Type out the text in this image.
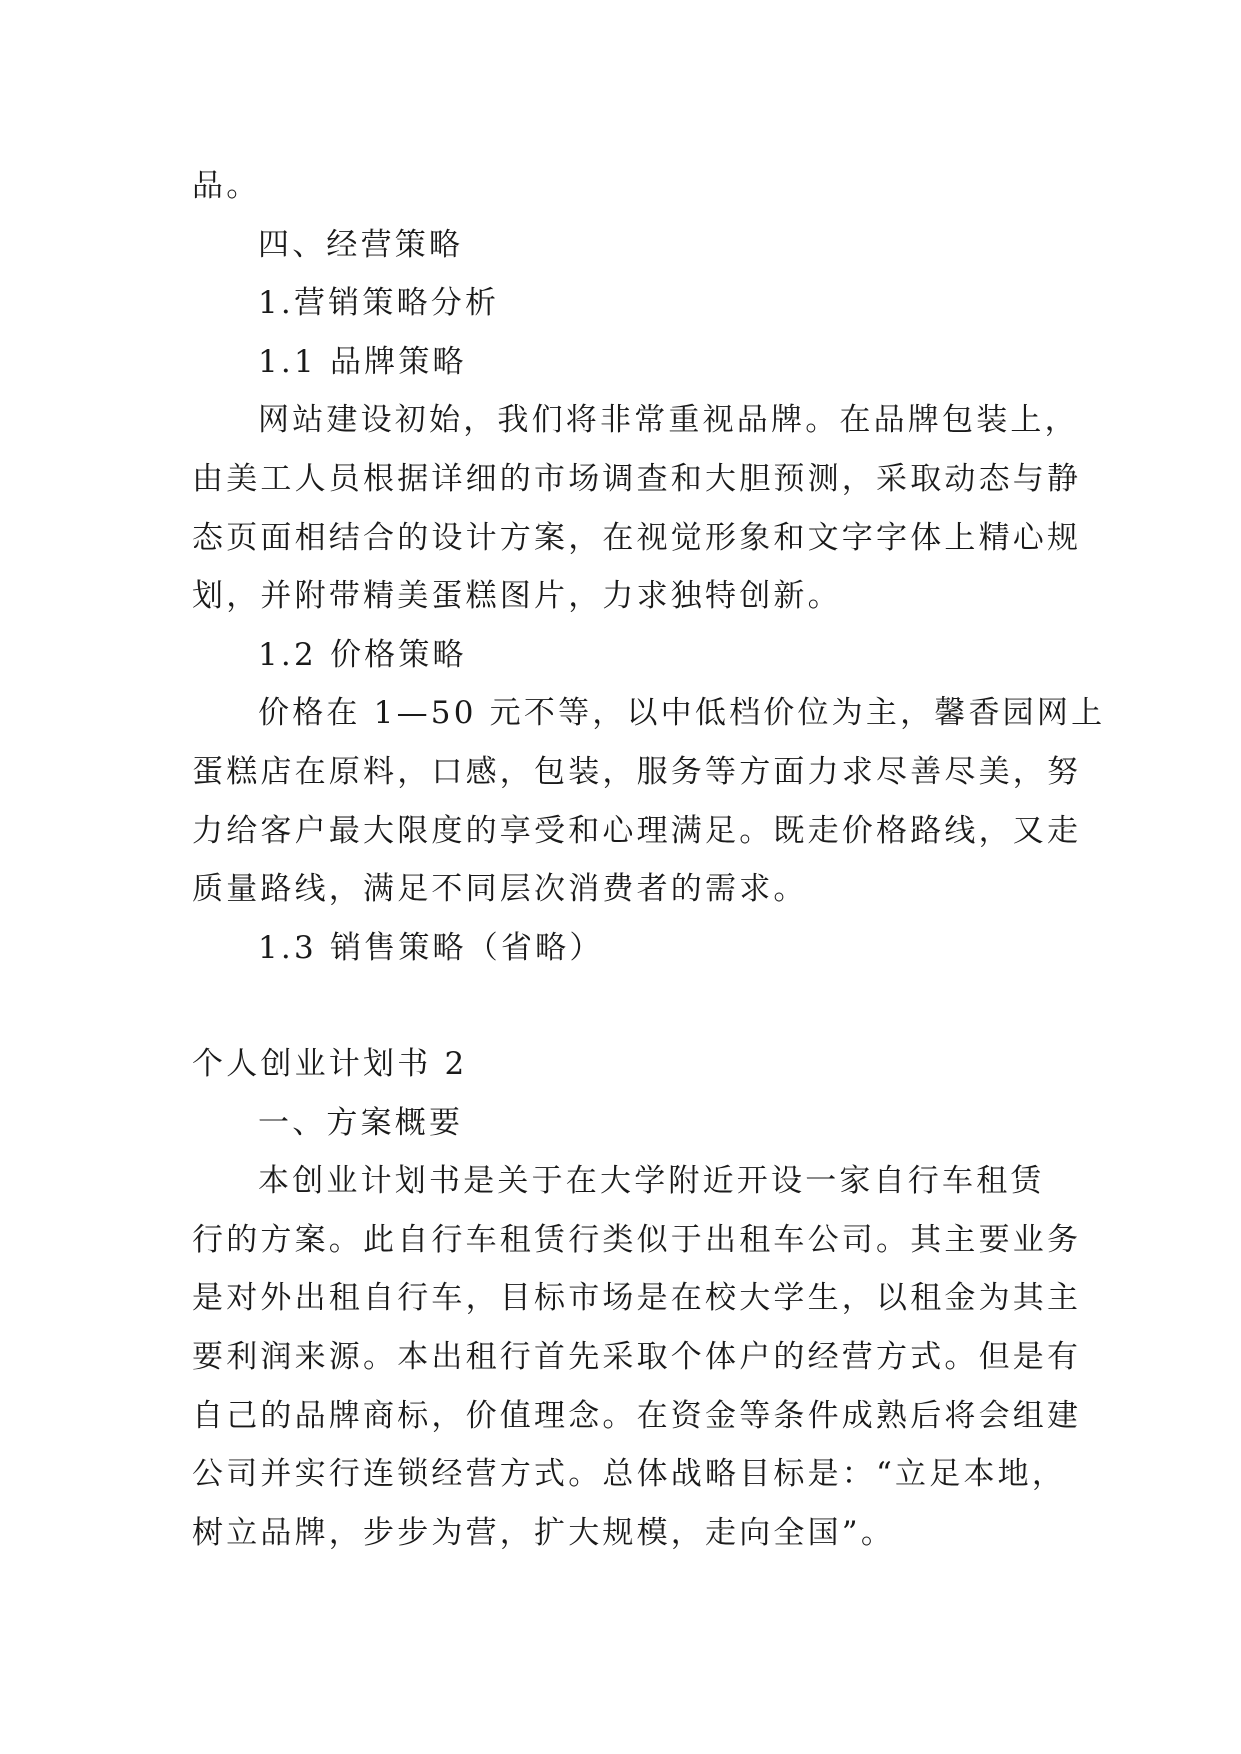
品。
四、经营策略
1.营销策略分析
1.1 品牌策略
网站建设初始，我们将非常重视品牌。在品牌包装上，
由美工人员根据详细的市场调查和大胆预测，采取动态与静
态页面相结合的设计方案，在视觉形象和文字字体上精心规
划，并附带精美蛋糕图片，力求独特创新。
1.2 价格策略
价格在 1—50 元不等，以中低档价位为主，馨香园网上
蛋糕店在原料，口感，包装，服务等方面力求尽善尽美，努
力给客户最大限度的享受和心理满足。既走价格路线，又走
质量路线，满足不同层次消费者的需求。
1.3 销售策略（省略）
个人创业计划书 2
一、方案概要
本创业计划书是关于在大学附近开设一家自行车租赁
行的方案。此自行车租赁行类似于出租车公司。其主要业务
是对外出租自行车，目标市场是在校大学生，以租金为其主
要利润来源。本出租行首先采取个体户的经营方式。但是有
自己的品牌商标，价值理念。在资金等条件成熟后将会组建
公司并实行连锁经营方式。总体战略目标是：“立足本地，
树立品牌，步步为营，扩大规模，走向全国”。
